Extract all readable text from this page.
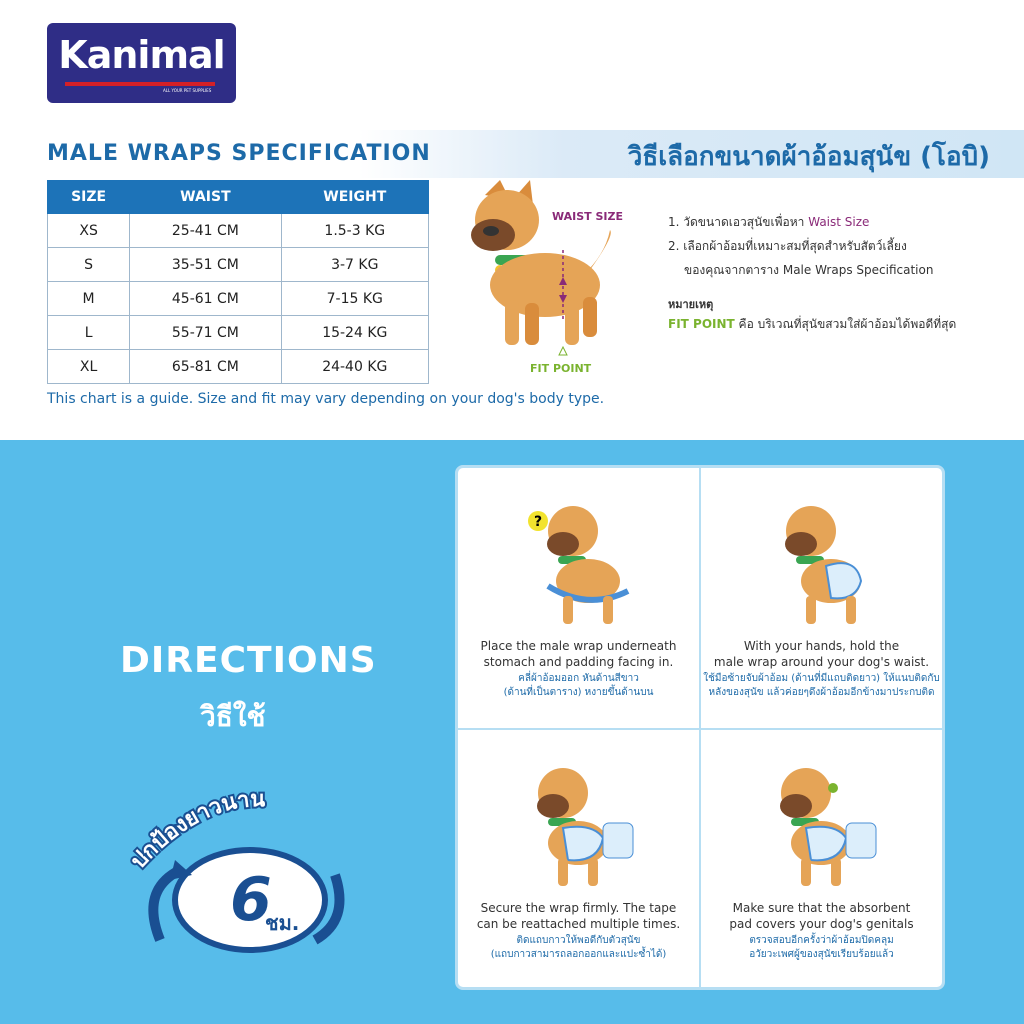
Kanimal
ALL YOUR PET SUPPLIES
MALE WRAPS SPECIFICATION	วิธีเลือกขนาดผ้าอ้อมสุนัข (โอบิ)
SIZE	WAIST	WEIGHT
XS	25-41 CM	1.5-3 KG
S	35-51 CM	3-7 KG
M	45-61 CM	7-15 KG
L	55-71 CM	15-24 KG
XL	65-81 CM	24-40 KG
This chart is a guide. Size and fit may vary depending on your dog's body type.
WAIST SIZE
FIT POINT
1. วัดขนาดเอวสุนัขเพื่อหา Waist Size
2. เลือกผ้าอ้อมที่เหมาะสมที่สุดสำหรับสัตว์เลี้ยง
ของคุณจากตาราง Male Wraps Specification
หมายเหตุ
FIT POINT คือ บริเวณที่สุนัขสวมใส่ผ้าอ้อมได้พอดีที่สุด
DIRECTIONS
วิธีใช้
ปกป้องยาวนาน
6
ชม.
?
Place the male wrap underneath
stomach and padding facing in.
คลี่ผ้าอ้อมออก หันด้านสีขาว
(ด้านที่เป็นตาราง) หงายขึ้นด้านบน
With your hands, hold the
male wrap around your dog's waist.
ใช้มือซ้ายจับผ้าอ้อม (ด้านที่มีแถบติดยาว) ให้แนบติดกับ
หลังของสุนัข แล้วค่อยๆดึงผ้าอ้อมอีกข้างมาประกบติด
Secure the wrap firmly. The tape
can be reattached multiple times.
ติดแถบกาวให้พอดีกับตัวสุนัข
(แถบกาวสามารถลอกออกและแปะซ้ำได้)
Make sure that the absorbent
pad covers your dog's genitals
ตรวจสอบอีกครั้งว่าผ้าอ้อมปิดคลุม
อวัยวะเพศผู้ของสุนัขเรียบร้อยแล้ว
